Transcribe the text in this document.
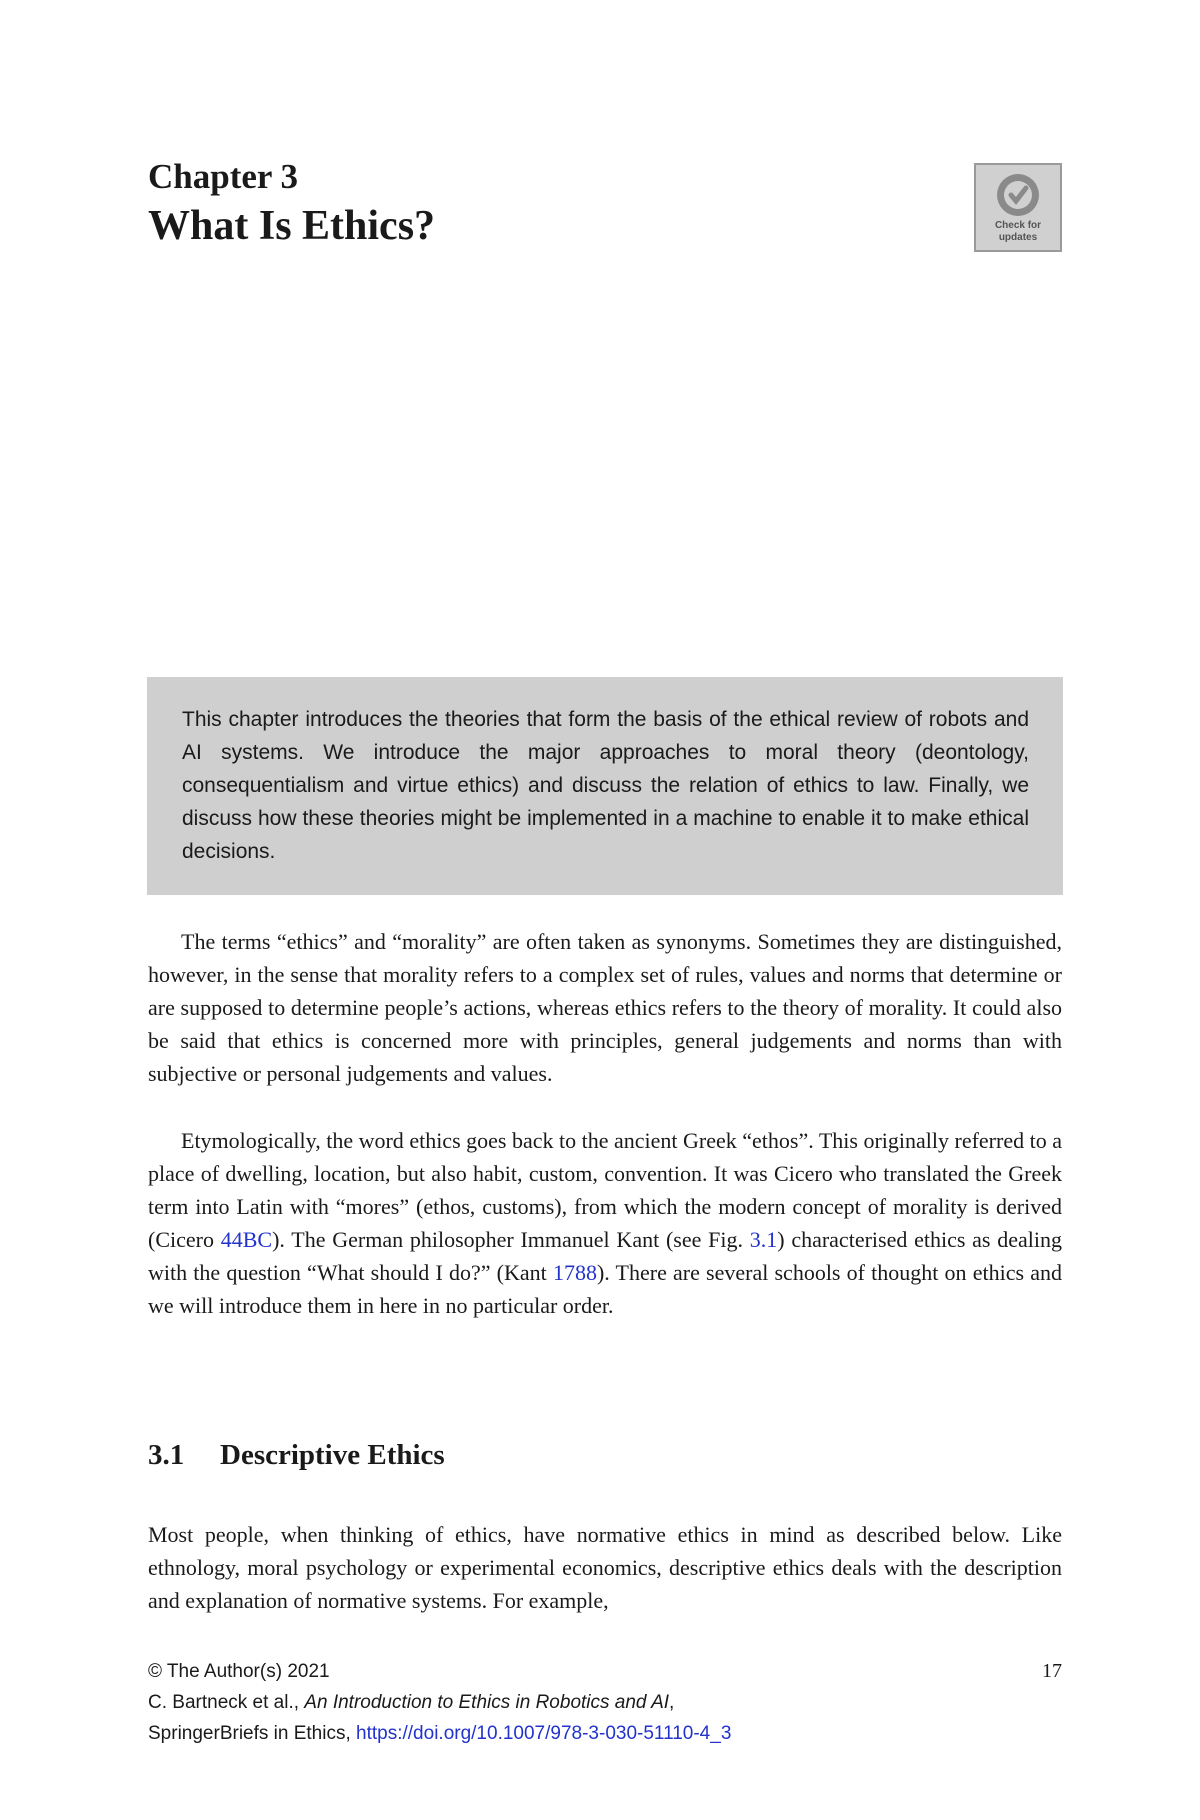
Chapter 3
What Is Ethics?	Check for updates
This chapter introduces the theories that form the basis of the ethical review of robots and AI systems. We introduce the major approaches to moral theory (deontology, consequentialism and virtue ethics) and discuss the relation of ethics to law. Finally, we discuss how these theories might be implemented in a machine to enable it to make ethical decisions.

The terms “ethics” and “morality” are often taken as synonyms. Sometimes they are distinguished, however, in the sense that morality refers to a complex set of rules, values and norms that determine or are supposed to determine people’s actions, whereas ethics refers to the theory of morality. It could also be said that ethics is concerned more with principles, general judgements and norms than with subjective or personal judgements and values.

Etymologically, the word ethics goes back to the ancient Greek “ethos”. This originally referred to a place of dwelling, location, but also habit, custom, convention. It was Cicero who translated the Greek term into Latin with “mores” (ethos, customs), from which the modern concept of morality is derived (Cicero 44BC). The German philosopher Immanuel Kant (see Fig. 3.1) characterised ethics as dealing with the question “What should I do?” (Kant 1788). There are several schools of thought on ethics and we will introduce them in here in no particular order.

3.1 Descriptive Ethics

Most people, when thinking of ethics, have normative ethics in mind as described below. Like ethnology, moral psychology or experimental economics, descriptive ethics deals with the description and explanation of normative systems. For example,

17
© The Author(s) 2021
C. Bartneck et al., An Introduction to Ethics in Robotics and AI,
SpringerBriefs in Ethics, https://doi.org/10.1007/978-3-030-51110-4_3
